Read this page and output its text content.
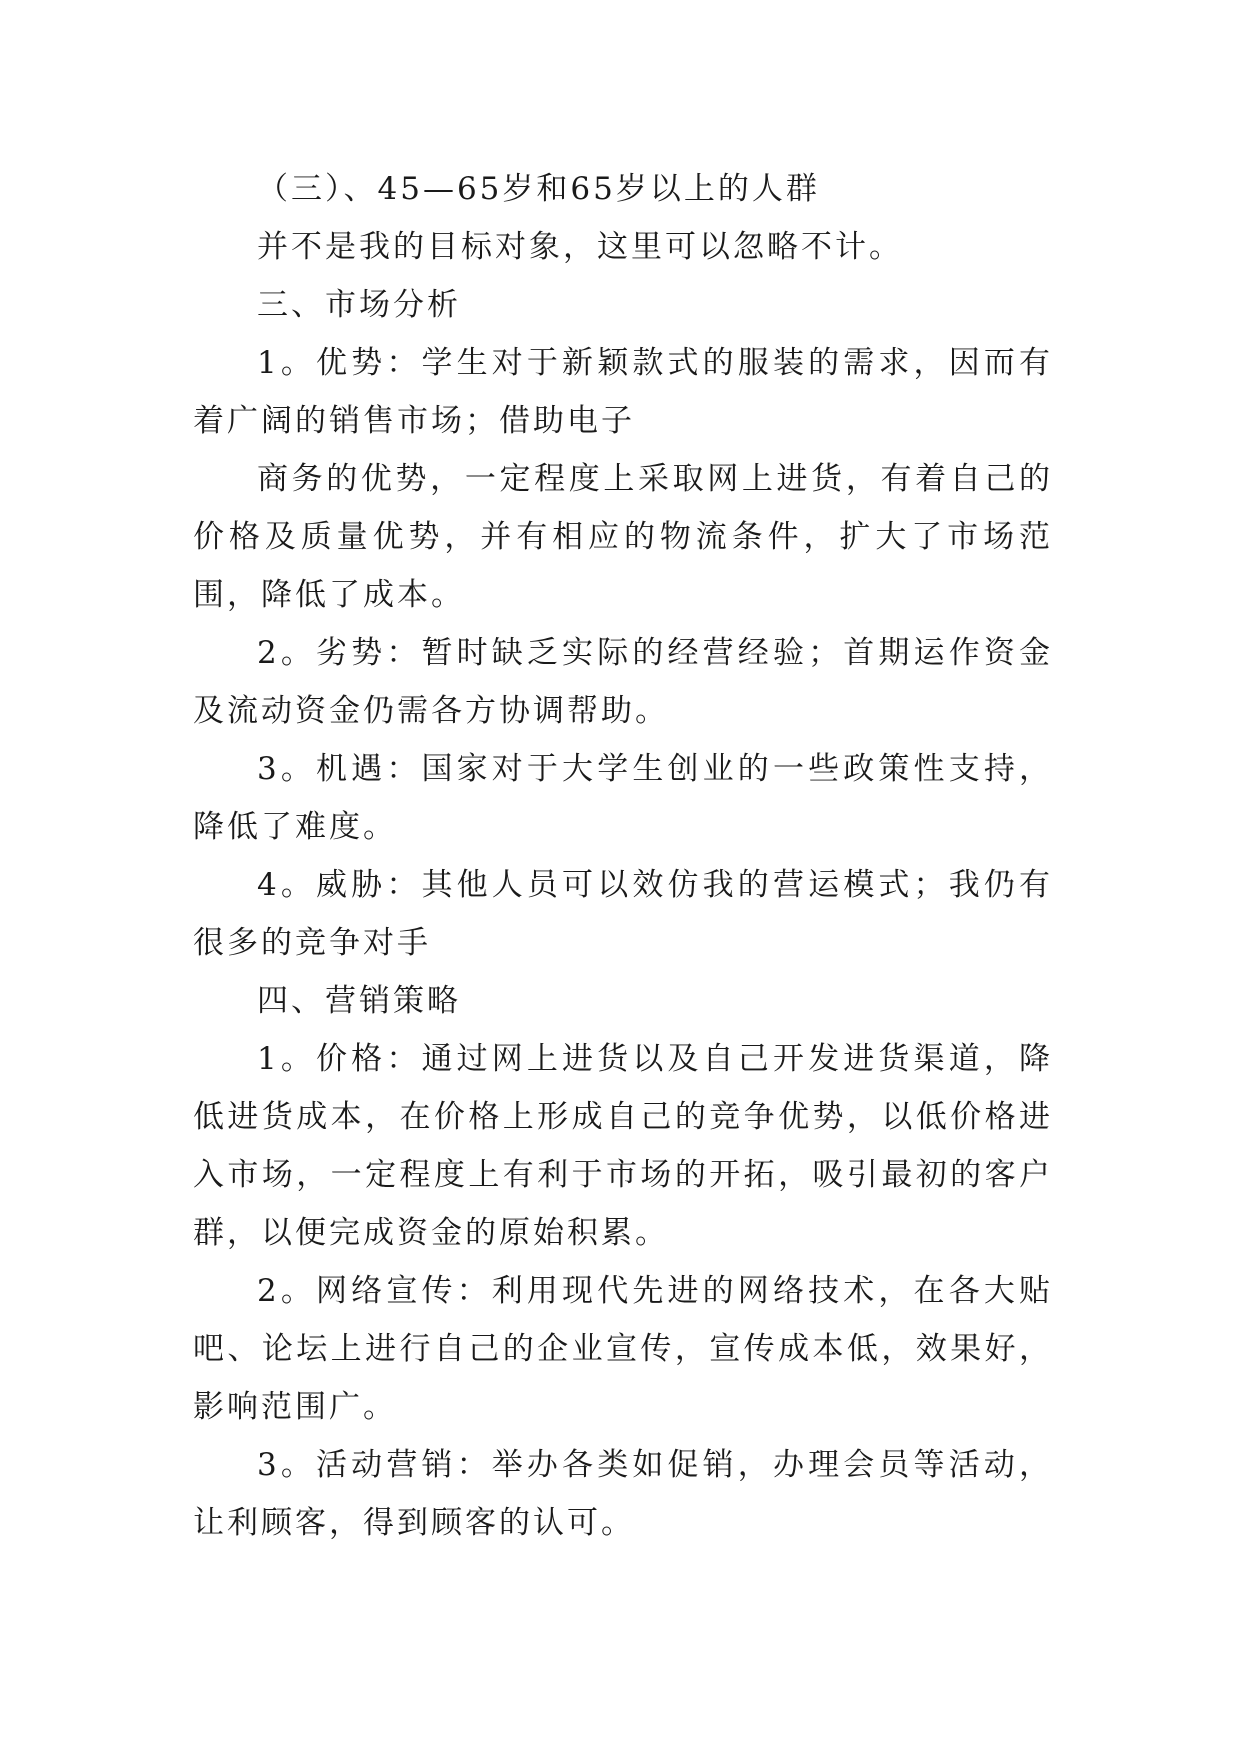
（三）、45—65岁和65岁以上的人群

并不是我的目标对象，这里可以忽略不计。

三、市场分析

1。优势：学生对于新颖款式的服装的需求，因而有着广阔的销售市场；借助电子

商务的优势，一定程度上采取网上进货，有着自己的价格及质量优势，并有相应的物流条件，扩大了市场范围，降低了成本。

2。劣势：暂时缺乏实际的经营经验；首期运作资金及流动资金仍需各方协调帮助。

3。机遇：国家对于大学生创业的一些政策性支持，降低了难度。

4。威胁：其他人员可以效仿我的营运模式；我仍有很多的竞争对手

四、营销策略

1。价格：通过网上进货以及自己开发进货渠道，降低进货成本，在价格上形成自己的竞争优势，以低价格进入市场，一定程度上有利于市场的开拓，吸引最初的客户群，以便完成资金的原始积累。

2。网络宣传：利用现代先进的网络技术，在各大贴吧、论坛上进行自己的企业宣传，宣传成本低，效果好，影响范围广。

3。活动营销：举办各类如促销，办理会员等活动，让利顾客，得到顾客的认可。
